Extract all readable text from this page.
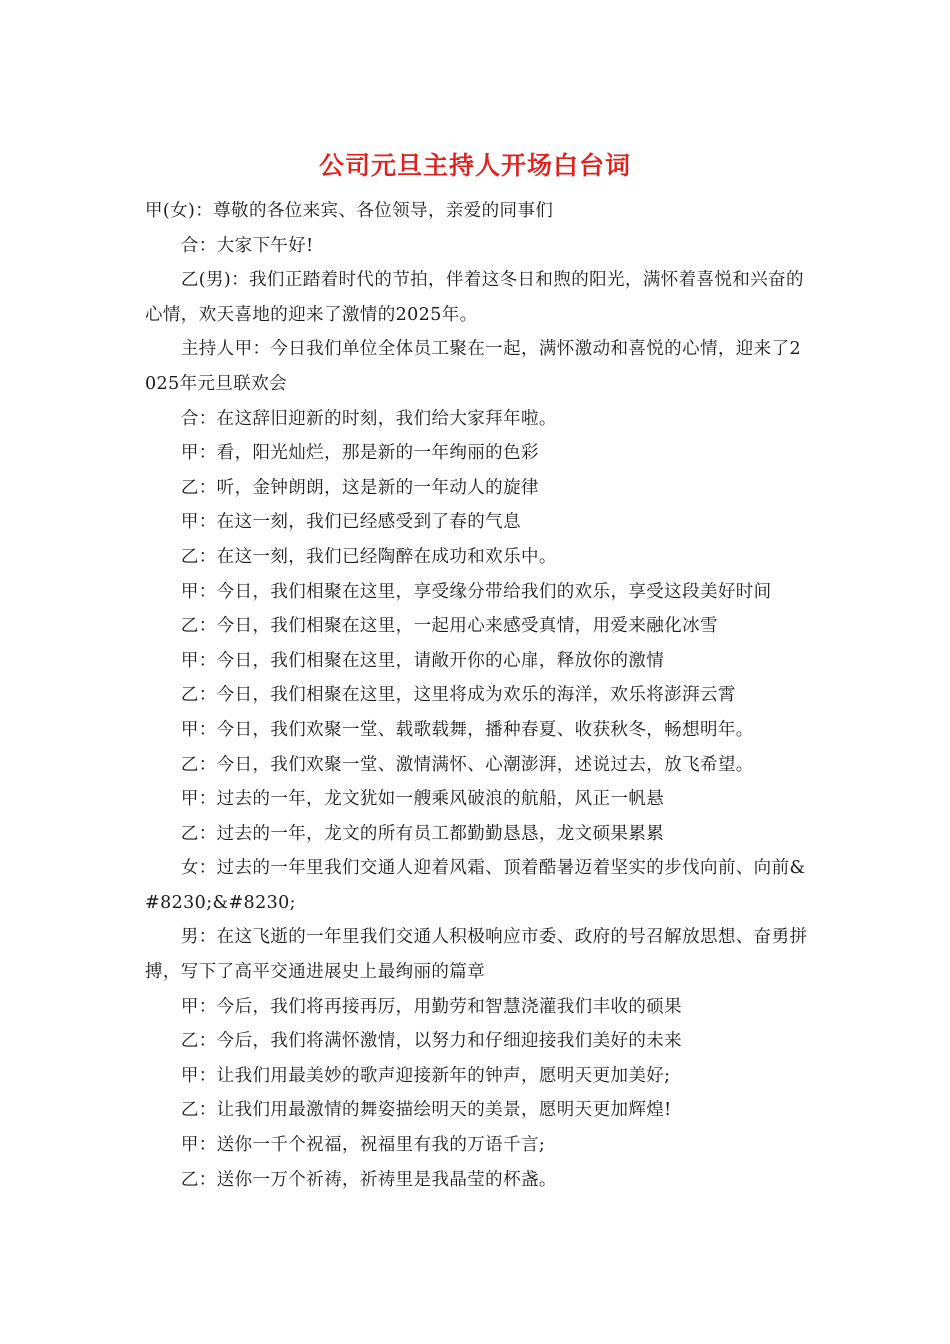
公司元旦主持人开场白台词

甲(女)：尊敬的各位来宾、各位领导，亲爱的同事们

合：大家下午好!

乙(男)：我们正踏着时代的节拍，伴着这冬日和煦的阳光，满怀着喜悦和兴奋的心情，欢天喜地的迎来了激情的2025年。

主持人甲：今日我们单位全体员工聚在一起，满怀激动和喜悦的心情，迎来了2025年元旦联欢会

合：在这辞旧迎新的时刻，我们给大家拜年啦。

甲：看，阳光灿烂，那是新的一年绚丽的色彩

乙：听，金钟朗朗，这是新的一年动人的旋律

甲：在这一刻，我们已经感受到了春的气息

乙：在这一刻，我们已经陶醉在成功和欢乐中。

甲：今日，我们相聚在这里，享受缘分带给我们的欢乐，享受这段美好时间

乙：今日，我们相聚在这里，一起用心来感受真情，用爱来融化冰雪

甲：今日，我们相聚在这里，请敞开你的心扉，释放你的激情

乙：今日，我们相聚在这里，这里将成为欢乐的海洋，欢乐将澎湃云霄

甲：今日，我们欢聚一堂、载歌载舞，播种春夏、收获秋冬，畅想明年。

乙：今日，我们欢聚一堂、激情满怀、心潮澎湃，述说过去，放飞希望。

甲：过去的一年，龙文犹如一艘乘风破浪的航船，风正一帆悬

乙：过去的一年，龙文的所有员工都勤勤恳恳，龙文硕果累累

女：过去的一年里我们交通人迎着风霜、顶着酷暑迈着坚实的步伐向前、向前&#8230;&#8230;

男：在这飞逝的一年里我们交通人积极响应市委、政府的号召解放思想、奋勇拼搏，写下了高平交通进展史上最绚丽的篇章

甲：今后，我们将再接再厉，用勤劳和智慧浇灌我们丰收的硕果

乙：今后，我们将满怀激情，以努力和仔细迎接我们美好的未来

甲：让我们用最美妙的歌声迎接新年的钟声，愿明天更加美好;

乙：让我们用最激情的舞姿描绘明天的美景，愿明天更加辉煌!

甲：送你一千个祝福，祝福里有我的万语千言;

乙：送你一万个祈祷，祈祷里是我晶莹的杯盏。
